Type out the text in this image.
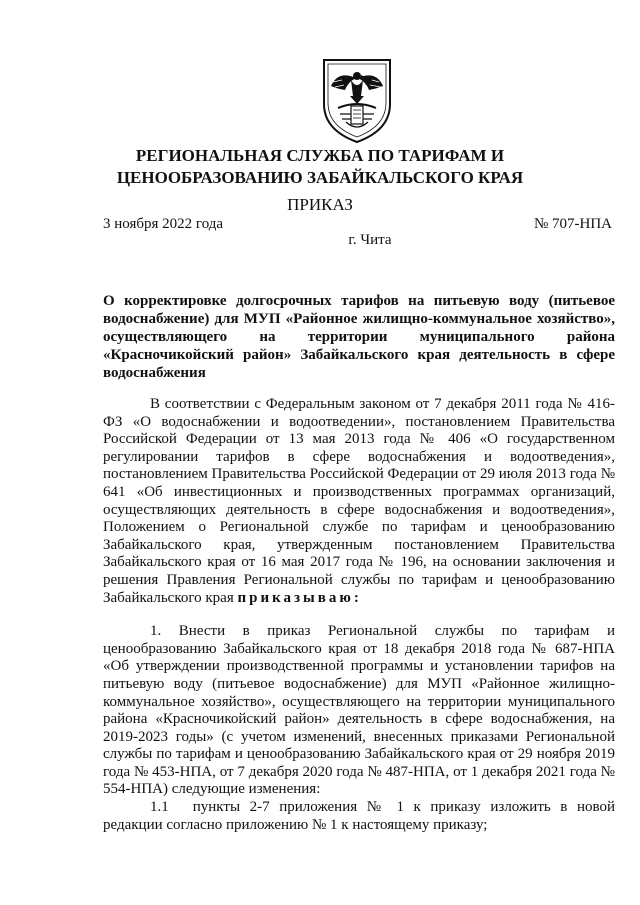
РЕГИОНАЛЬНАЯ СЛУЖБА ПО ТАРИФАМ И
ЦЕНООБРАЗОВАНИЮ ЗАБАЙКАЛЬСКОГО КРАЯ
ПРИКАЗ
3 ноября 2022 года	№ 707-НПА
г. Чита

О корректировке долгосрочных тарифов на питьевую воду (питьевое водоснабжение) для МУП «Районное жилищно-коммунальное хозяйство», осуществляющего на территории муниципального района «Красночикойский район» Забайкальского края деятельность в сфере водоснабжения

В соответствии с Федеральным законом от 7 декабря 2011 года № 416-ФЗ «О водоснабжении и водоотведении», постановлением Правительства Российской Федерации от 13 мая 2013 года № 406 «О государственном регулировании тарифов в сфере водоснабжения и водоотведения», постановлением Правительства Российской Федерации от 29 июля 2013 года № 641 «Об инвестиционных и производственных программах организаций, осуществляющих деятельность в сфере водоснабжения и водоотведения», Положением о Региональной службе по тарифам и ценообразованию Забайкальского края, утвержденным постановлением Правительства Забайкальского края от 16 мая 2017 года № 196, на основании заключения и решения Правления Региональной службы по тарифам и ценообразованию Забайкальского края приказываю:

1. Внести в приказ Региональной службы по тарифам и ценообразованию Забайкальского края от 18 декабря 2018 года № 687-НПА «Об утверждении производственной программы и установлении тарифов на питьевую воду (питьевое водоснабжение) для МУП «Районное жилищно-коммунальное хозяйство», осуществляющего на территории муниципального района «Красночикойский район» деятельность в сфере водоснабжения, на 2019-2023 годы» (с учетом изменений, внесенных приказами Региональной службы по тарифам и ценообразованию Забайкальского края от 29 ноября 2019 года № 453-НПА, от 7 декабря 2020 года № 487-НПА, от 1 декабря 2021 года № 554-НПА) следующие изменения:

1.1 пункты 2-7 приложения № 1 к приказу изложить в новой редакции согласно приложению № 1 к настоящему приказу;
